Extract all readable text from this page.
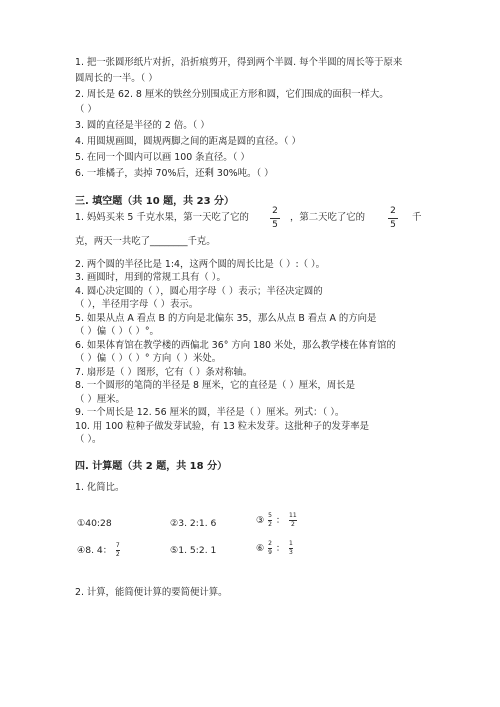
1. 把一张圆形纸片对折，沿折痕剪开，得到两个半圆. 每个半圆的周长等于原来
圆周长的一半。（ ）
2. 周长是 62. 8 厘米的铁丝分别围成正方形和圆，它们围成的面积一样大。
（ ）
3. 圆的直径是半径的 2 倍。（ ）
4. 用圆规画圆，圆规两脚之间的距离是圆的直径。（ ）
5. 在同一个圆内可以画 100 条直径。（ ）
6. 一堆橘子，卖掉 70%后，还剩 30%吨。（ ）
三. 填空题（共 10 题，共 23 分）
1. 妈妈买来 5 千克水果，第一天吃了它的
2
5
，第二天吃了它的
2
5
千
克，两天一共吃了________千克。
2. 两个圆的半径比是 1:4，这两个圆的周长比是（ ）:（ ）。
3. 画圆时，用到的常规工具有（ ）。
4. 圆心决定圆的（ ），圆心用字母（ ）表示；半径决定圆的
（ ），半径用字母（ ）表示。
5. 如果从点 A 看点 B 的方向是北偏东 35，那么从点 B 看点 A 的方向是
（ ）偏（ ）（ ）°。
6. 如果体育馆在教学楼的西偏北 36° 方向 180 米处，那么教学楼在体育馆的
（ ）偏（ ）（ ）° 方向（ ）米处。
7. 扇形是（ ）图形，它有（ ）条对称轴。
8. 一个圆形的笔筒的半径是 8 厘米，它的直径是（ ）厘米，周长是
（ ）厘米。
9. 一个周长是 12. 56 厘米的圆，半径是（ ）厘米。列式：（ ）。
10. 用 100 粒种子做发芽试验，有 13 粒未发芽。这批种子的发芽率是
（ ）。
四. 计算题（共 2 题，共 18 分）
1. 化简比。
①40:28	②3. 2:1. 6	③ $\frac{5}{2}$ ： $\frac{11}{2}$
④8. 4： $\frac{7}{2}$	⑤1. 5:2. 1	⑥ $\frac{2}{9}$ ： $\frac{1}{3}$
2. 计算，能简便计算的要简便计算。
